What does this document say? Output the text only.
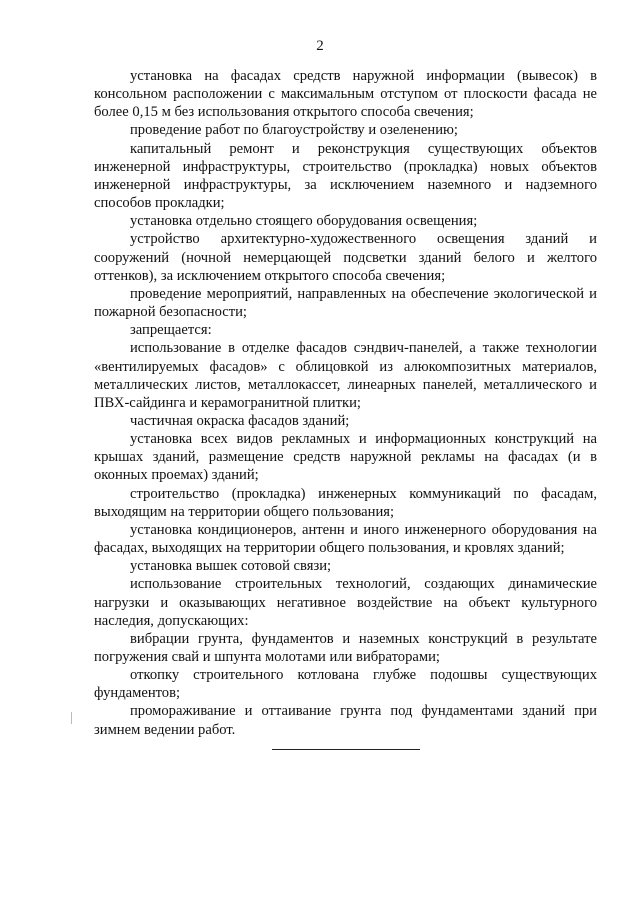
2

установка на фасадах средств наружной информации (вывесок) в консольном расположении с максимальным отступом от плоскости фасада не более 0,15 м без использования открытого способа свечения;

проведение работ по благоустройству и озеленению;

капитальный ремонт и реконструкция существующих объектов инженерной инфраструктуры, строительство (прокладка) новых объектов инженерной инфраструктуры, за исключением наземного и надземного способов прокладки;

установка отдельно стоящего оборудования освещения;

устройство архитектурно-художественного освещения зданий и сооружений (ночной немерцающей подсветки зданий белого и желтого оттенков), за исключением открытого способа свечения;

проведение мероприятий, направленных на обеспечение экологической и пожарной безопасности;

запрещается:

использование в отделке фасадов сэндвич-панелей, а также технологии «вентилируемых фасадов» с облицовкой из алюкомпозитных материалов, металлических листов, металлокассет, линеарных панелей, металлического и ПВХ-сайдинга и керамогранитной плитки;

частичная окраска фасадов зданий;

установка всех видов рекламных и информационных конструкций на крышах зданий, размещение средств наружной рекламы на фасадах (и в оконных проемах) зданий;

строительство (прокладка) инженерных коммуникаций по фасадам, выходящим на территории общего пользования;

установка кондиционеров, антенн и иного инженерного оборудования на фасадах, выходящих на территории общего пользования, и кровлях зданий;

установка вышек сотовой связи;

использование строительных технологий, создающих динамические нагрузки и оказывающих негативное воздействие на объект культурного наследия, допускающих:

вибрации грунта, фундаментов и наземных конструкций в результате погружения свай и шпунта молотами или вибраторами;

откопку строительного котлована глубже подошвы существующих фундаментов;

промораживание и оттаивание грунта под фундаментами зданий при зимнем ведении работ.
